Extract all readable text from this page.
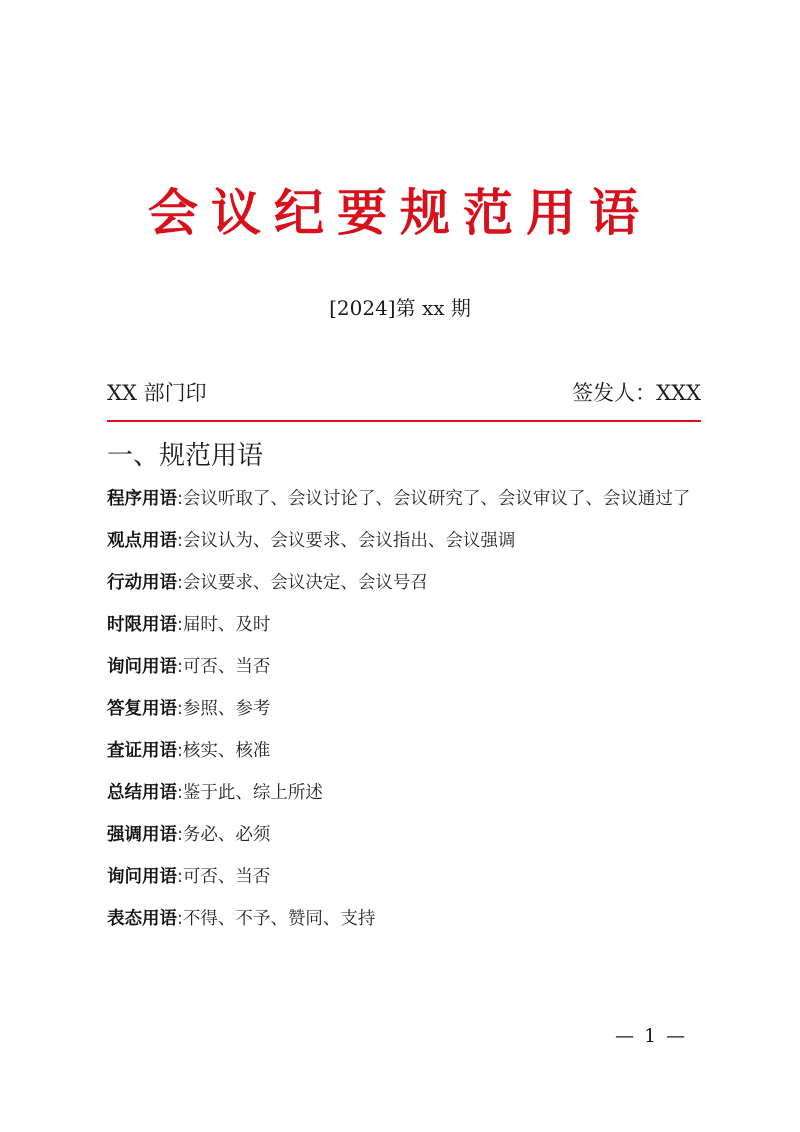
会议纪要规范用语
[2024]第 xx 期
XX 部门印	签发人：XXX
一、规范用语
程序用语:会议听取了、会议讨论了、会议研究了、会议审议了、会议通过了
观点用语:会议认为、会议要求、会议指出、会议强调
行动用语:会议要求、会议决定、会议号召
时限用语:届时、及时
询问用语:可否、当否
答复用语:参照、参考
查证用语:核实、核准
总结用语:鉴于此、综上所述
强调用语:务必、必须
询问用语:可否、当否
表态用语:不得、不予、赞同、支持
— 1 —
